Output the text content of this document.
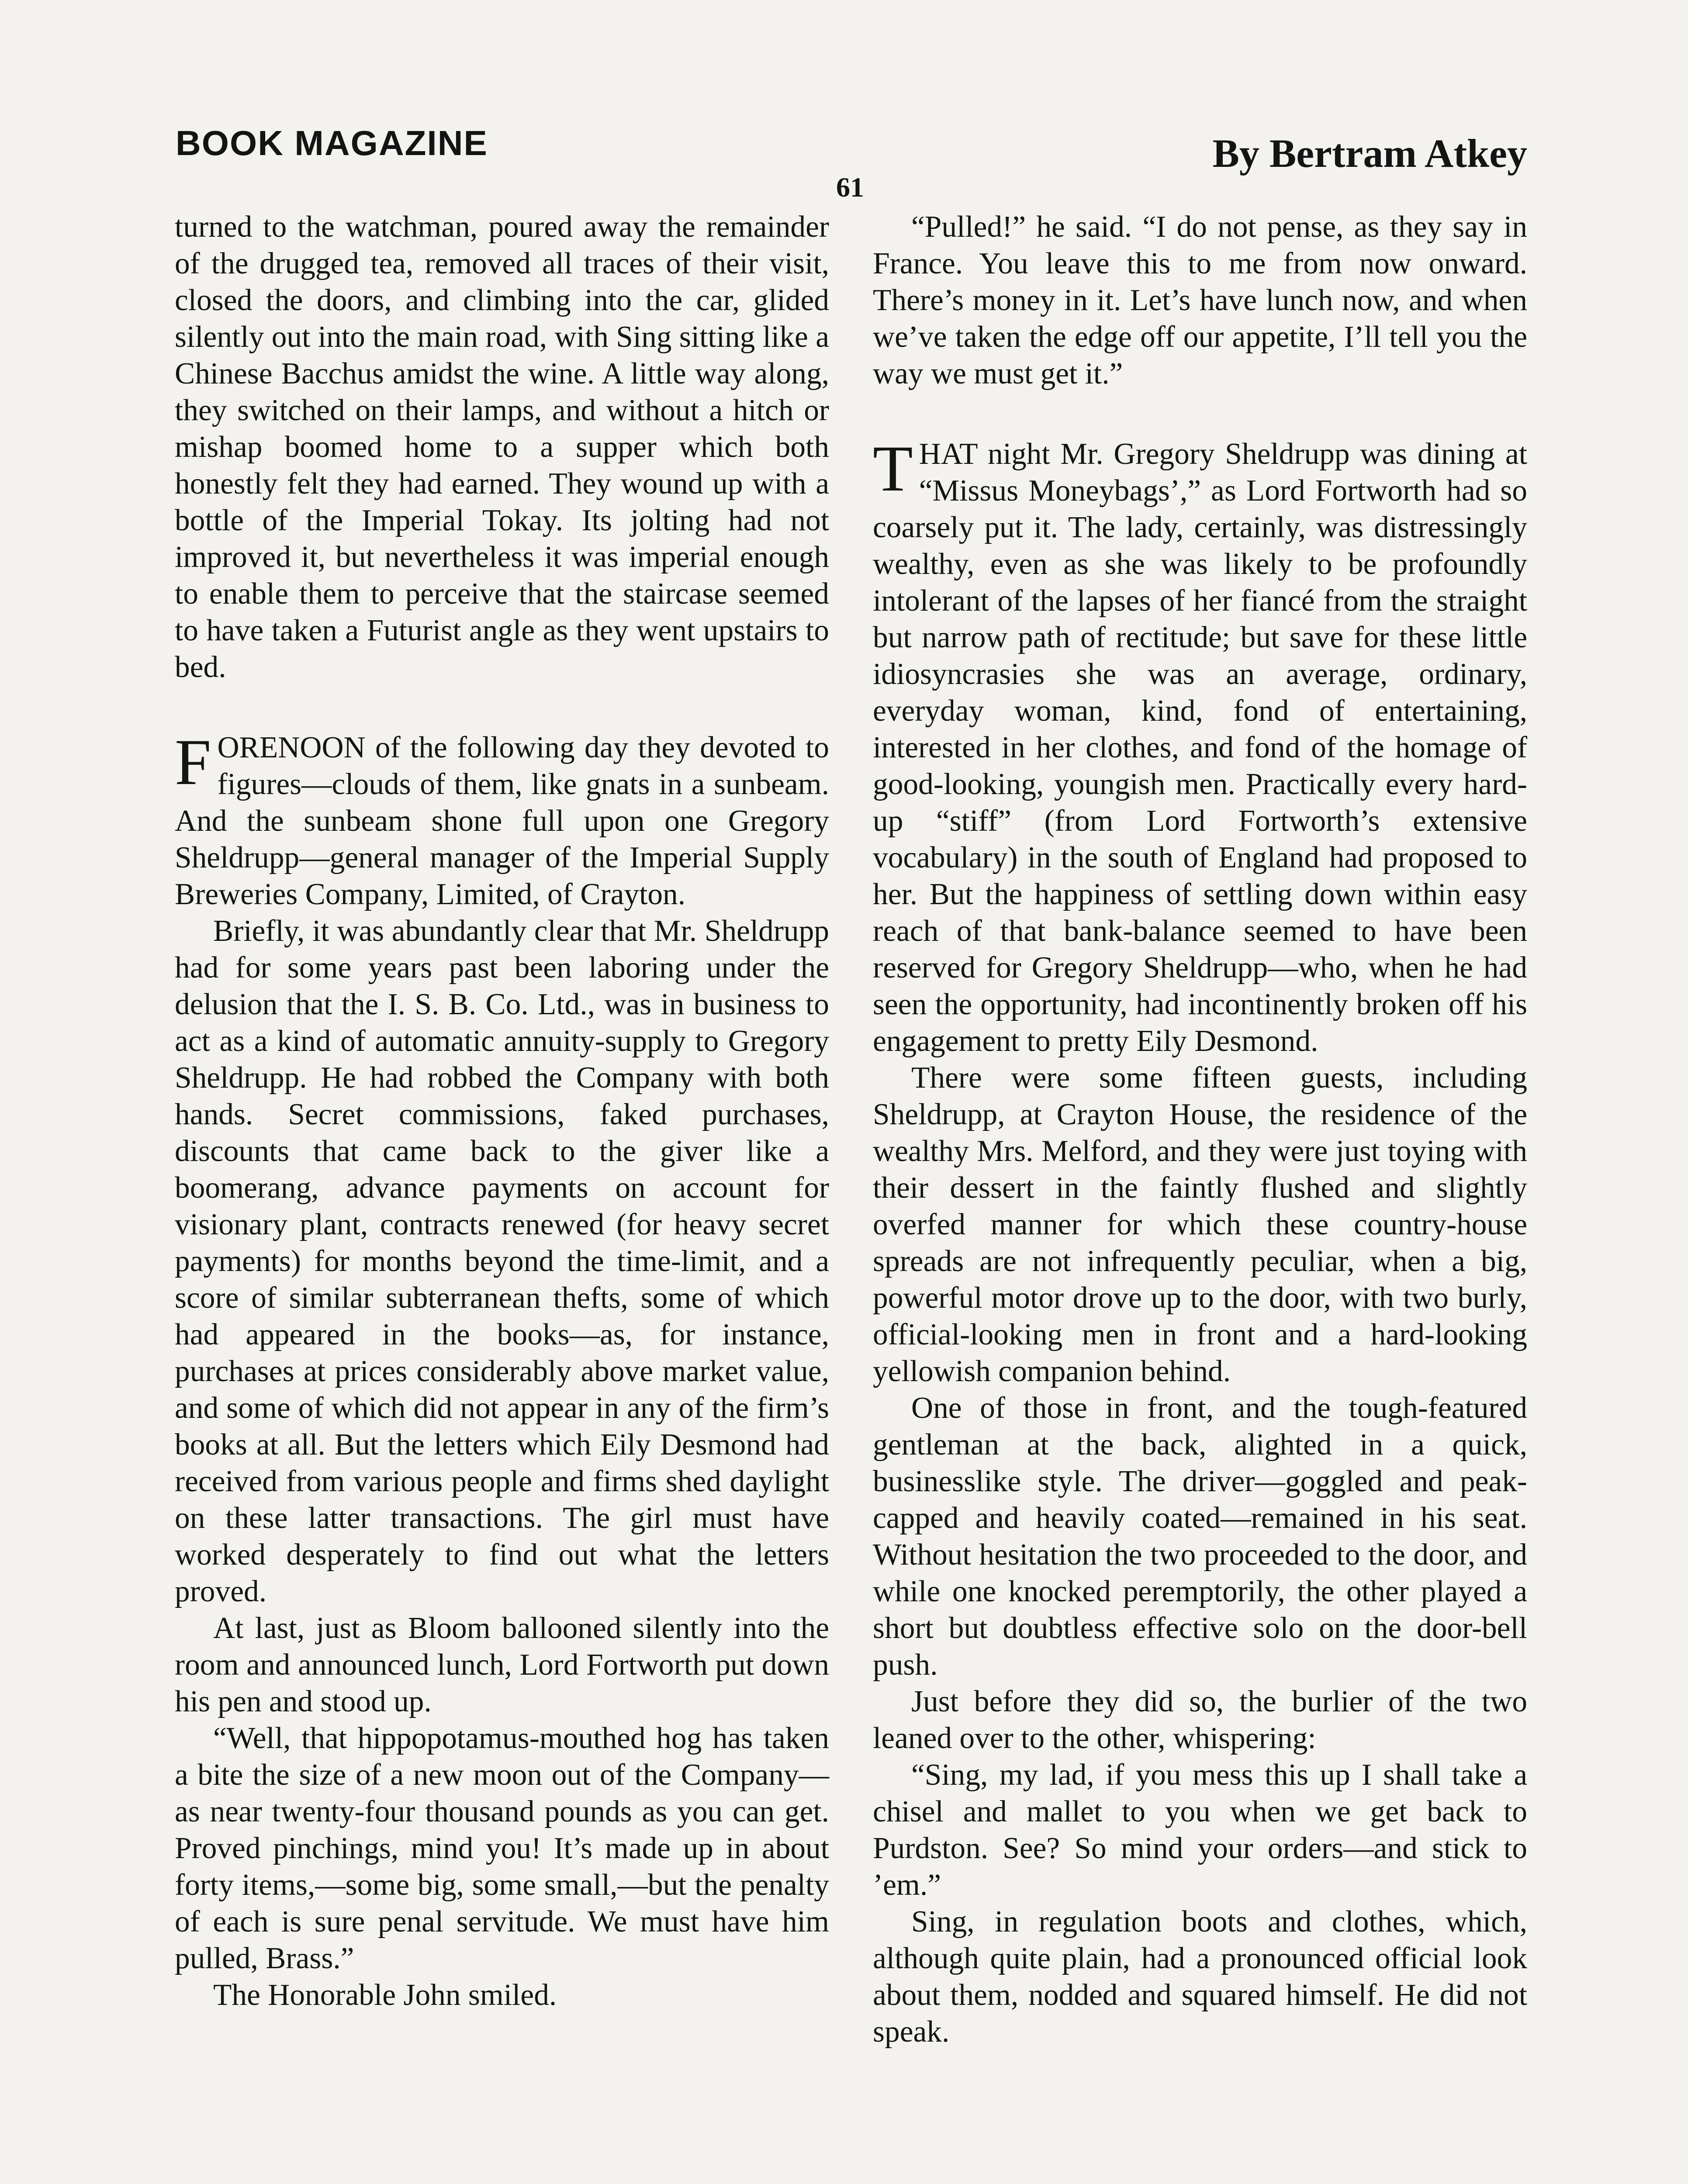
BOOK MAGAZINE	By Bertram Atkey
61

turned to the watchman, poured away the remainder of the drugged tea, removed all traces of their visit, closed the doors, and climbing into the car, glided silently out into the main road, with Sing sitting like a Chinese Bacchus amidst the wine. A little way along, they switched on their lamps, and without a hitch or mishap boomed home to a supper which both honestly felt they had earned. They wound up with a bottle of the Imperial Tokay. Its jolting had not improved it, but nevertheless it was imperial enough to enable them to perceive that the staircase seemed to have taken a Futurist angle as they went upstairs to bed.

FORENOON of the following day they devoted to figures—clouds of them, like gnats in a sunbeam. And the sunbeam shone full upon one Gregory Sheldrupp—general manager of the Imperial Supply Breweries Company, Limited, of Crayton.

Briefly, it was abundantly clear that Mr. Sheldrupp had for some years past been laboring under the delusion that the I. S. B. Co. Ltd., was in business to act as a kind of automatic annuity-supply to Gregory Sheldrupp. He had robbed the Company with both hands. Secret commissions, faked purchases, discounts that came back to the giver like a boomerang, advance payments on account for visionary plant, contracts renewed (for heavy secret payments) for months beyond the time-limit, and a score of similar subterranean thefts, some of which had appeared in the books—as, for instance, purchases at prices considerably above market value, and some of which did not appear in any of the firm’s books at all. But the letters which Eily Desmond had received from various people and firms shed daylight on these latter transactions. The girl must have worked desperately to find out what the letters proved.

At last, just as Bloom ballooned silently into the room and announced lunch, Lord Fortworth put down his pen and stood up.

“Well, that hippopotamus-mouthed hog has taken a bite the size of a new moon out of the Company—as near twenty-four thousand pounds as you can get. Proved pinchings, mind you! It’s made up in about forty items,—some big, some small,—but the penalty of each is sure penal servitude. We must have him pulled, Brass.”

The Honorable John smiled.

“Pulled!” he said. “I do not pense, as they say in France. You leave this to me from now onward. There’s money in it. Let’s have lunch now, and when we’ve taken the edge off our appetite, I’ll tell you the way we must get it.”

THAT night Mr. Gregory Sheldrupp was dining at “Missus Moneybags’,” as Lord Fortworth had so coarsely put it. The lady, certainly, was distressingly wealthy, even as she was likely to be profoundly intolerant of the lapses of her fiancé from the straight but narrow path of rectitude; but save for these little idiosyncrasies she was an average, ordinary, everyday woman, kind, fond of entertaining, interested in her clothes, and fond of the homage of good-looking, youngish men. Practically every hard-up “stiff” (from Lord Fortworth’s extensive vocabulary) in the south of England had proposed to her. But the happiness of settling down within easy reach of that bank-balance seemed to have been reserved for Gregory Sheldrupp—who, when he had seen the opportunity, had incontinently broken off his engagement to pretty Eily Desmond.

There were some fifteen guests, including Sheldrupp, at Crayton House, the residence of the wealthy Mrs. Melford, and they were just toying with their dessert in the faintly flushed and slightly overfed manner for which these country-house spreads are not infrequently peculiar, when a big, powerful motor drove up to the door, with two burly, official-looking men in front and a hard-looking yellowish companion behind.

One of those in front, and the tough-featured gentleman at the back, alighted in a quick, businesslike style. The driver—goggled and peak-capped and heavily coated—remained in his seat. Without hesitation the two proceeded to the door, and while one knocked peremptorily, the other played a short but doubtless effective solo on the door-bell push.

Just before they did so, the burlier of the two leaned over to the other, whispering:

“Sing, my lad, if you mess this up I shall take a chisel and mallet to you when we get back to Purdston. See? So mind your orders—and stick to ’em.”

Sing, in regulation boots and clothes, which, although quite plain, had a pronounced official look about them, nodded and squared himself. He did not speak.
